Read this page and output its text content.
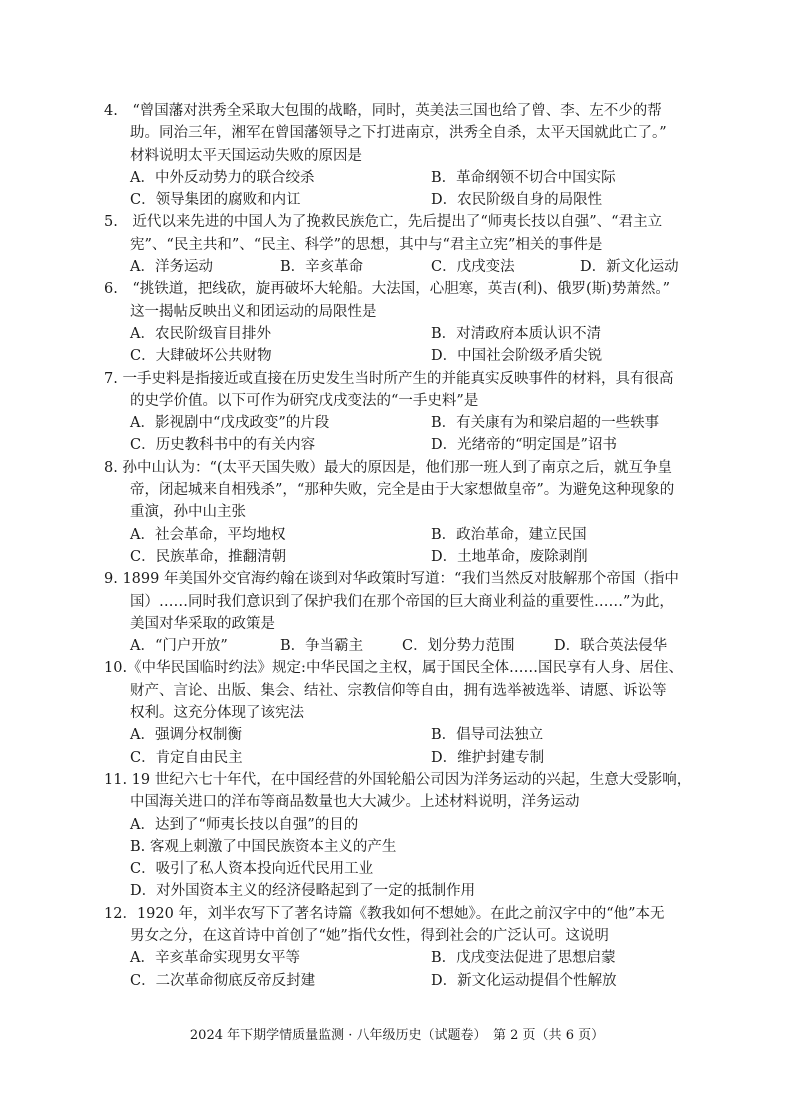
4.　“曾国藩对洪秀全采取大包围的战略，同时，英美法三国也给了曾、李、左不少的帮
助。同治三年，湘军在曾国藩领导之下打进南京，洪秀全自杀，太平天国就此亡了。”
材料说明太平天国运动失败的原因是
A．中外反动势力的联合绞杀	B．革命纲领不切合中国实际
C．领导集团的腐败和内讧	D．农民阶级自身的局限性
5.　近代以来先进的中国人为了挽救民族危亡，先后提出了“师夷长技以自强”、“君主立
宪”、“民主共和”、“民主、科学”的思想，其中与“君主立宪”相关的事件是
A．洋务运动	B．辛亥革命	C．戊戌变法	D．新文化运动
6.　“挑铁道，把线砍，旋再破坏大轮船。大法国，心胆寒，英吉(利)、俄罗(斯)势萧然。”
这一揭帖反映出义和团运动的局限性是
A．农民阶级盲目排外	B．对清政府本质认识不清
C．大肆破坏公共财物	D．中国社会阶级矛盾尖锐
7. 一手史料是指接近或直接在历史发生当时所产生的并能真实反映事件的材料，具有很高
的史学价值。以下可作为研究戊戌变法的“一手史料”是
A．影视剧中“戊戌政变”的片段	B．有关康有为和梁启超的一些轶事
C．历史教科书中的有关内容	D．光绪帝的“明定国是”诏书
8. 孙中山认为：“(太平天国失败）最大的原因是，他们那一班人到了南京之后，就互争皇
帝，闭起城来自相残杀”，“那种失败，完全是由于大家想做皇帝”。为避免这种现象的
重演，孙中山主张
A．社会革命，平均地权	B．政治革命，建立民国
C．民族革命，推翻清朝	D．土地革命，废除剥削
9. 1899 年美国外交官海约翰在谈到对华政策时写道：“我们当然反对肢解那个帝国（指中
国）……同时我们意识到了保护我们在那个帝国的巨大商业利益的重要性……”为此，
美国对华采取的政策是
A．“门户开放”	B．争当霸主	C．划分势力范围	D．联合英法侵华
10.《中华民国临时约法》规定:中华民国之主权，属于国民全体……国民享有人身、居住、
财产、言论、出版、集会、结社、宗教信仰等自由，拥有选举被选举、请愿、诉讼等
权利。这充分体现了该宪法
A．强调分权制衡	B．倡导司法独立
C．肯定自由民主	D．维护封建专制
11. 19 世纪六七十年代，在中国经营的外国轮船公司因为洋务运动的兴起，生意大受影响，
中国海关进口的洋布等商品数量也大大减少。上述材料说明，洋务运动
A．达到了“师夷长技以自强”的目的
B. 客观上刺激了中国民族资本主义的产生
C．吸引了私人资本投向近代民用工业
D．对外国资本主义的经济侵略起到了一定的抵制作用
12．1920 年，刘半农写下了著名诗篇《教我如何不想她》。在此之前汉字中的“他”本无
男女之分，在这首诗中首创了“她”指代女性，得到社会的广泛认可。这说明
A．辛亥革命实现男女平等	B．戊戌变法促进了思想启蒙
C．二次革命彻底反帝反封建	D．新文化运动提倡个性解放
2024 年下期学情质量监测 · 八年级历史（试题卷）　第 2 页（共 6 页）
